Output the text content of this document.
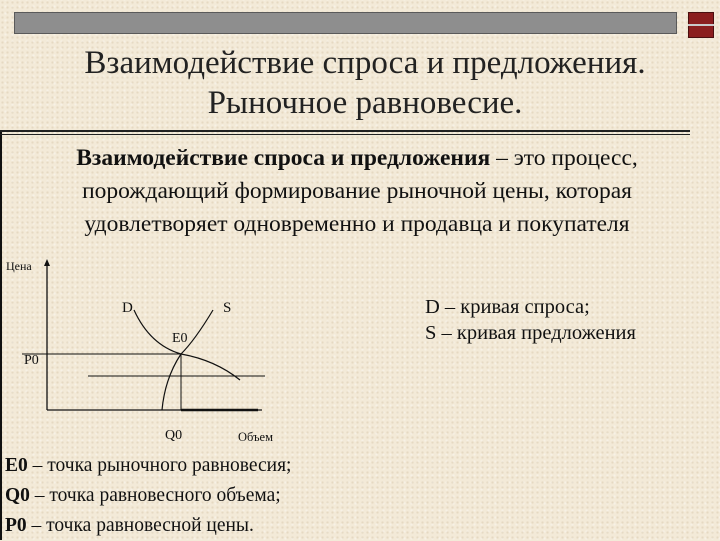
Взаимодействие спроса и предложения.
Рыночное равновесие.
Взаимодействие спроса и предложения – это процесс, порождающий формирование рыночной цены, которая удовлетворяет одновременно и продавца и покупателя
Цена
D	S
E0
P0
Q0	Объем
D – кривая спроса;
S – кривая предложения
E0 – точка рыночного равновесия;
Q0 – точка равновесного объема;
P0 – точка равновесной цены.
